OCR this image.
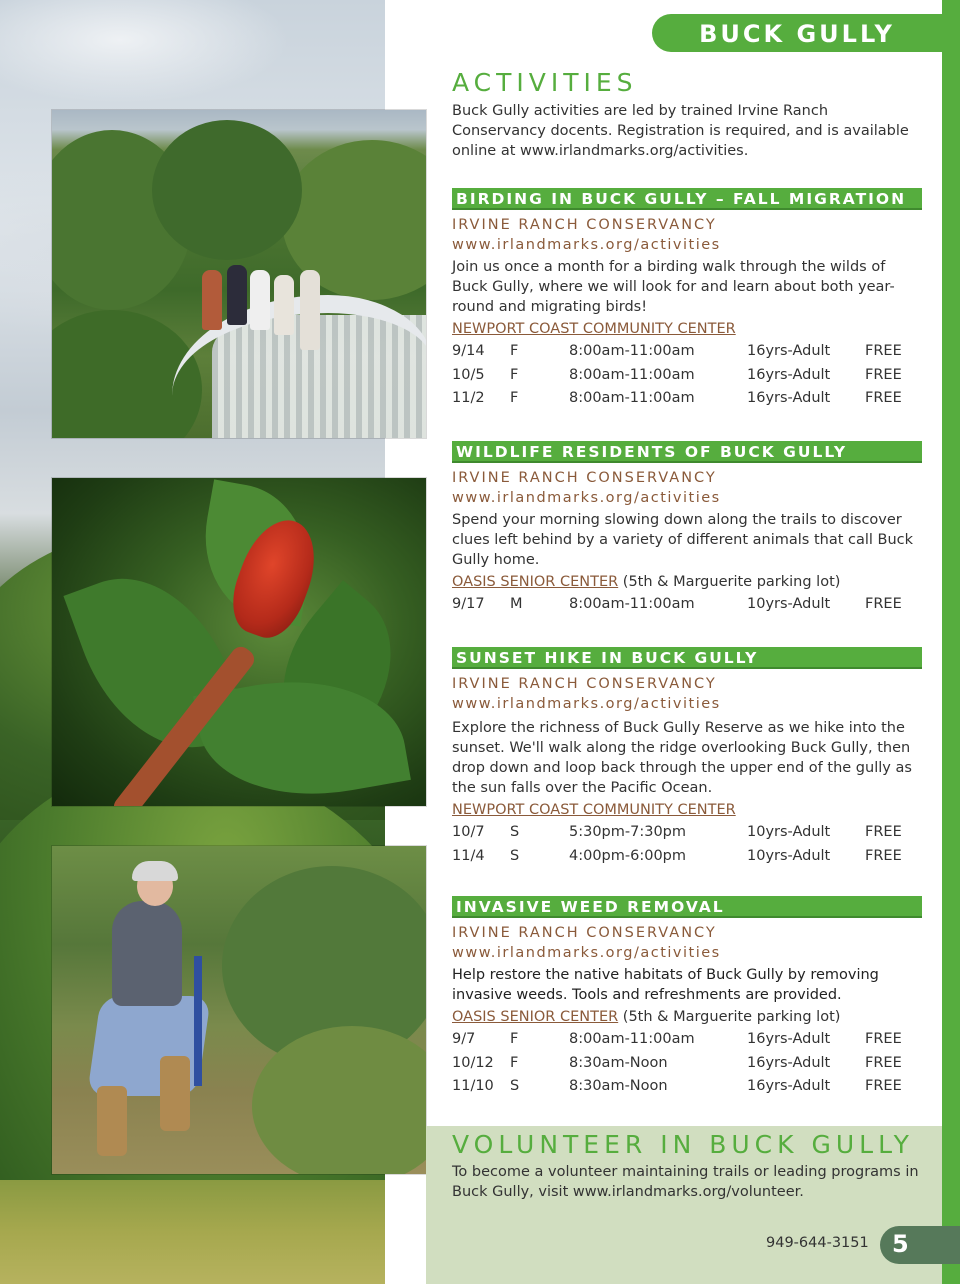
BUCK GULLY
ACTIVITIES
Buck Gully activities are led by trained Irvine Ranch Conservancy docents. Registration is required, and is available online at www.irlandmarks.org/activities.
BIRDING IN BUCK GULLY – FALL MIGRATION
IRVINE RANCH CONSERVANCY
www.irlandmarks.org/activities
Join us once a month for a birding walk through the wilds of Buck Gully, where we will look for and learn about both year-round and migrating birds!
NEWPORT COAST COMMUNITY CENTER
9/14 F	8:00am-11:00am	16yrs-Adult FREE
10/5 F	8:00am-11:00am	16yrs-Adult FREE
11/2 F	8:00am-11:00am	16yrs-Adult FREE
WILDLIFE RESIDENTS OF BUCK GULLY
IRVINE RANCH CONSERVANCY
www.irlandmarks.org/activities
Spend your morning slowing down along the trails to discover clues left behind by a variety of different animals that call Buck Gully home.
OASIS SENIOR CENTER (5th & Marguerite parking lot)
9/17 M	8:00am-11:00am	10yrs-Adult FREE
SUNSET HIKE IN BUCK GULLY
IRVINE RANCH CONSERVANCY
www.irlandmarks.org/activities
Explore the richness of Buck Gully Reserve as we hike into the sunset. We'll walk along the ridge overlooking Buck Gully, then drop down and loop back through the upper end of the gully as the sun falls over the Pacific Ocean.
NEWPORT COAST COMMUNITY CENTER
10/7 S	5:30pm-7:30pm	10yrs-Adult FREE
11/4 S	4:00pm-6:00pm	10yrs-Adult FREE
INVASIVE WEED REMOVAL
IRVINE RANCH CONSERVANCY
www.irlandmarks.org/activities
Help restore the native habitats of Buck Gully by removing invasive weeds. Tools and refreshments are provided.
OASIS SENIOR CENTER (5th & Marguerite parking lot)
9/7 F	8:00am-11:00am	16yrs-Adult FREE
10/12 F	8:30am-Noon	16yrs-Adult FREE
11/10 S	8:30am-Noon	16yrs-Adult FREE
VOLUNTEER IN BUCK GULLY
To become a volunteer maintaining trails or leading programs in Buck Gully, visit www.irlandmarks.org/volunteer.
949-644-3151 5
